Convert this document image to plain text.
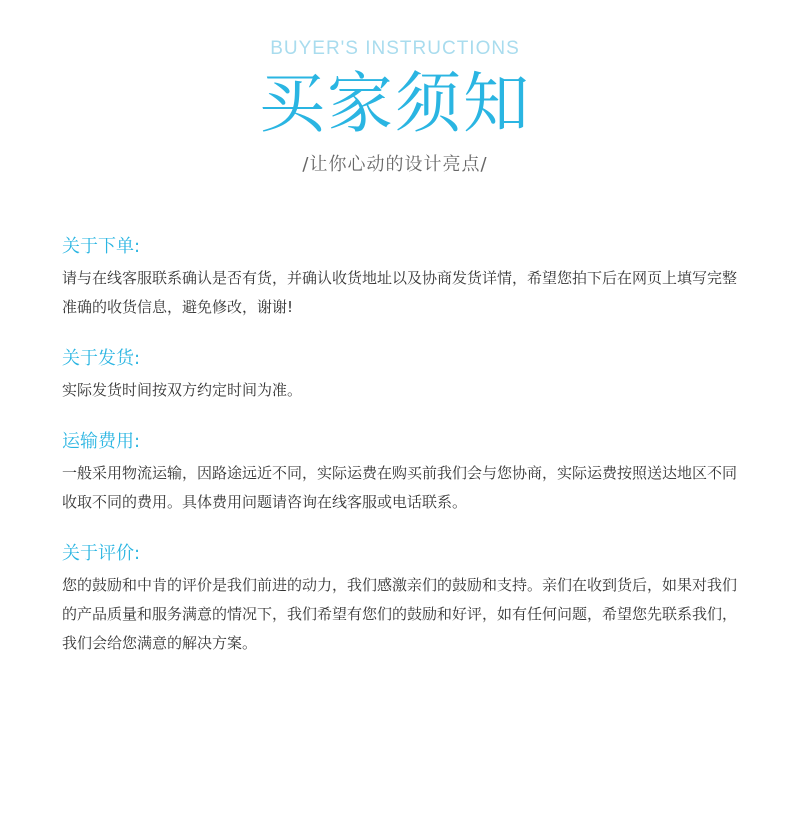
BUYER'S INSTRUCTIONS
买家须知
/让你心动的设计亮点/
关于下单:
请与在线客服联系确认是否有货，并确认收货地址以及协商发货详情，希望您拍下后在网页上填写完整准确的收货信息，避免修改，谢谢!
关于发货:
实际发货时间按双方约定时间为准。
运输费用:
一般采用物流运输，因路途远近不同，实际运费在购买前我们会与您协商，实际运费按照送达地区不同收取不同的费用。具体费用问题请咨询在线客服或电话联系。
关于评价:
您的鼓励和中肯的评价是我们前进的动力，我们感激亲们的鼓励和支持。亲们在收到货后，如果对我们的产品质量和服务满意的情况下，我们希望有您们的鼓励和好评，如有任何问题，希望您先联系我们，我们会给您满意的解决方案。
